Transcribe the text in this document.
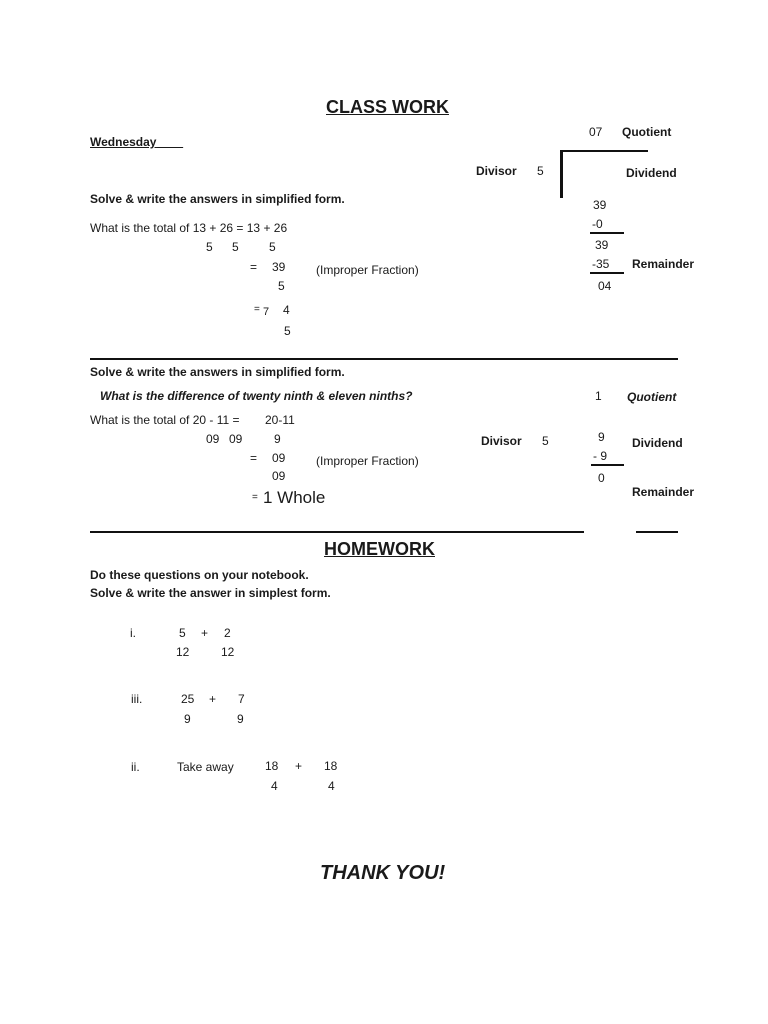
CLASS WORK
Wednesday
Solve & write the answers in simplified form.
What is the total of 13 + 26 = 13 + 26
5 5	5
= 39	(Improper Fraction)
5
= 7 4
5
07 Quotient
Divisor 5	Dividend
39
-0
39
-35 Remainder
04
Solve & write the answers in simplified form.
What is the difference of twenty ninth & eleven ninths?
What is the total of 20 - 11 = 20-11
09 09	9
= 09	(Improper Fraction)
09
= 1 Whole
1 Quotient
Divisor 5	9 Dividend
- 9
0
Remainder
HOMEWORK
Do these questions on your notebook.
Solve & write the answer in simplest form.
i.	5 + 2
12	12
iii.	25 + 7
9	9
ii.	Take away	18 + 18
4	4
THANK YOU!
